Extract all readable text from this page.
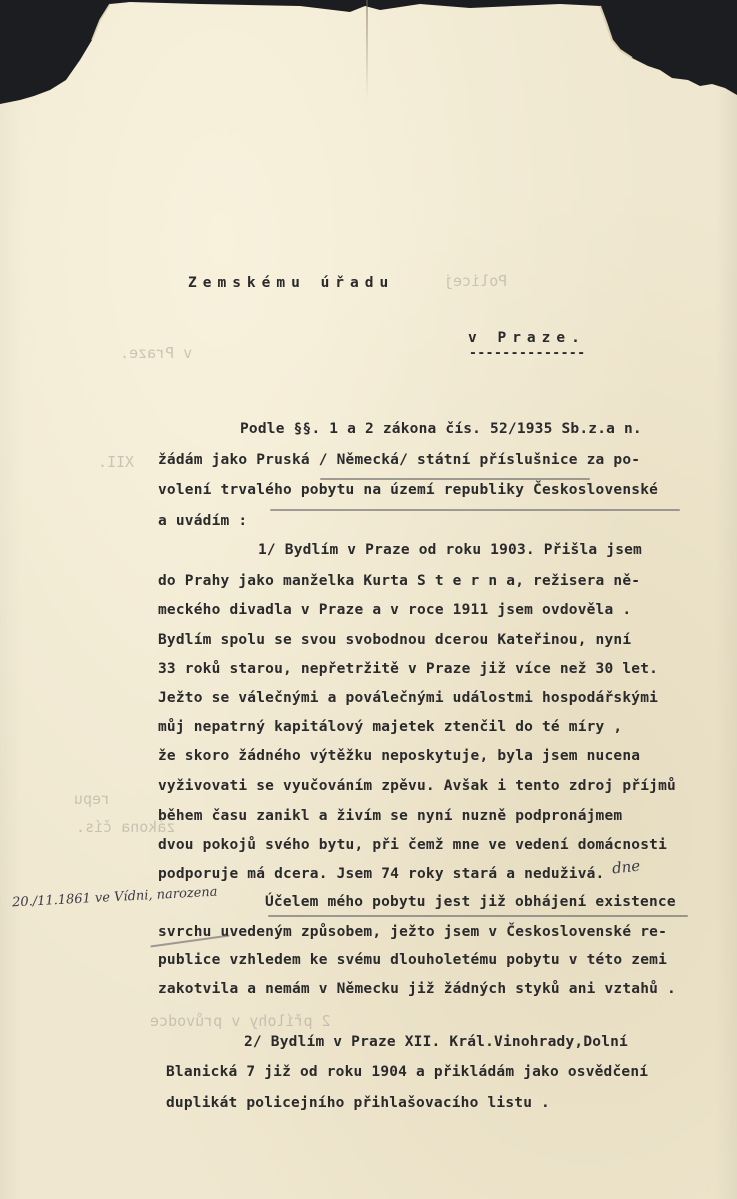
Policej

v Praze.

XII.

repu

zákona čís.

2 přílohy v průvodce

Zemskému úřadu

v Praze.

--------------

Podle §§. 1 a 2 zákona čís. 52/1935 Sb.z.a n.

žádám jako Pruská / Německá/ státní příslušnice za po-

volení trvalého pobytu na území republiky Československé

a uvádím :

1/ Bydlím v Praze od roku 1903. Přišla jsem

do Prahy jako manželka Kurta S t e r n a, režisera ně-

meckého divadla v Praze a v roce 1911 jsem ovdověla .

Bydlím spolu se svou svobodnou dcerou Kateřinou, nyní

33 roků starou, nepřetržitě v Praze již více než 30 let.

Ježto se válečnými a poválečnými událostmi hospodářskými

můj nepatrný kapitálový majetek ztenčil do té míry ,

že skoro žádného výtěžku neposkytuje, byla jsem nucena

vyživovati se vyučováním zpěvu. Avšak i tento zdroj příjmů

během času zanikl a živím se nyní nuzně podpronájmem

dvou pokojů svého bytu, při čemž mne ve vedení domácnosti

podporuje má dcera. Jsem 74 roky stará a neduživá.

Účelem mého pobytu jest již obhájení existence

svrchu uvedeným způsobem, ježto jsem v Československé re-

publice vzhledem ke svému dlouholetému pobytu v této zemi

zakotvila a nemám v Německu již žádných styků ani vztahů .

2/ Bydlím v Praze XII. Král.Vinohrady,Dolní

Blanická 7 již od roku 1904 a přikládám jako osvědčení

duplikát policejního přihlašovacího listu .

20./11.1861 ve Vídni, narozena

dne
